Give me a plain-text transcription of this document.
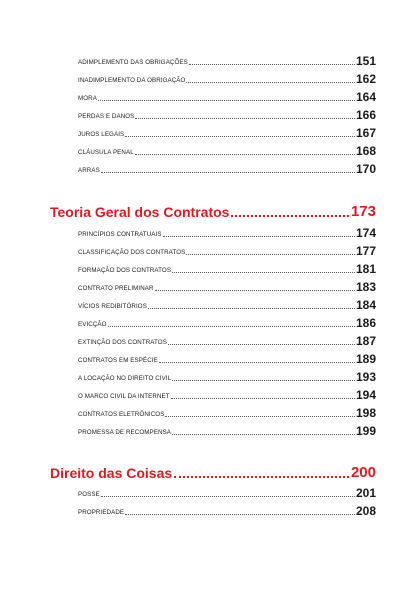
ADIMPLEMENTO DAS OBRIGAÇÕES	151
INADIMPLEMENTO DA OBRIGAÇÃO	162
MORA	164
PERDAS E DANOS	166
JUROS LEGAIS	167
CLÁUSULA PENAL	168
ARRAS	170
Teoria Geral dos Contratos	173
PRINCÍPIOS CONTRATUAIS	174
CLASSIFICAÇÃO DOS CONTRATOS	177
FORMAÇÃO DOS CONTRATOS	181
CONTRATO PRELIMINAR	183
VÍCIOS REDIBITÓRIOS	184
EVICÇÃO	186
EXTINÇÃO DOS CONTRATOS	187
CONTRATOS EM ESPÉCIE	189
A LOCAÇÃO NO DIREITO CIVIL	193
O MARCO CIVIL DA INTERNET	194
CONTRATOS ELETRÔNICOS	198
PROMESSA DE RECOMPENSA	199
Direito das Coisas	200
POSSE	201
PROPRIEDADE	208
